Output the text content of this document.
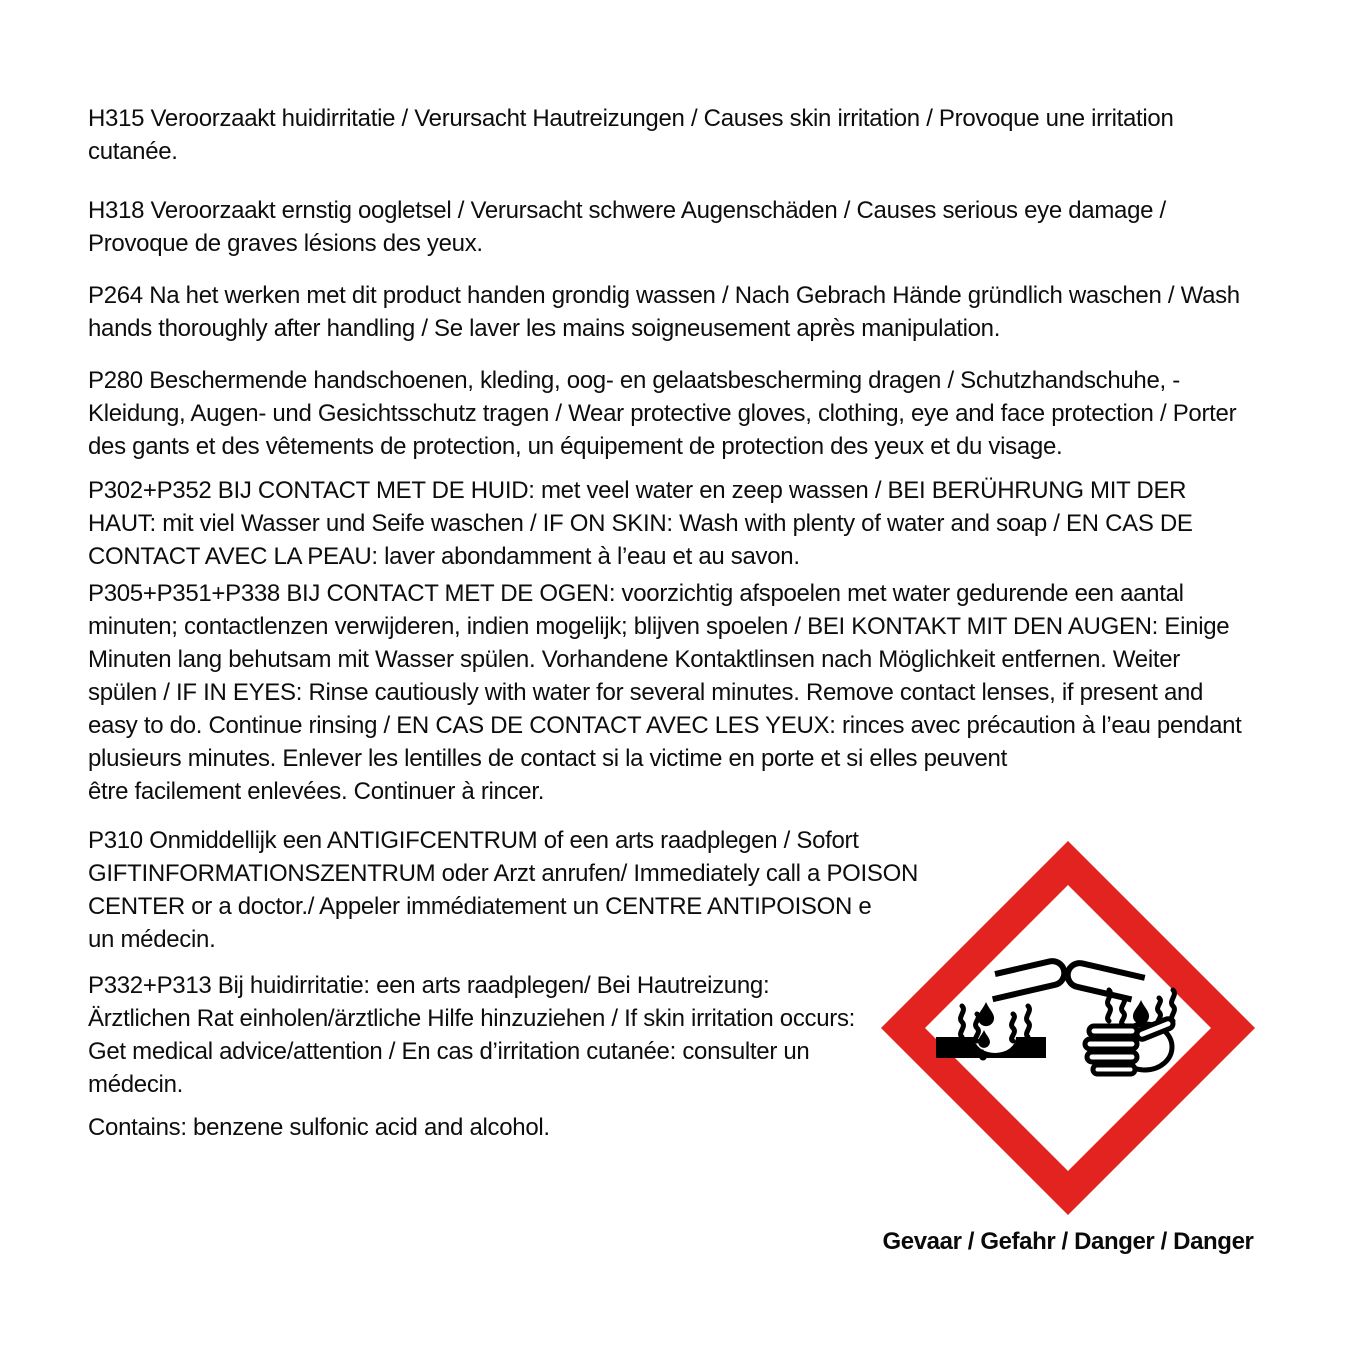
H315 Veroorzaakt huidirritatie / Verursacht Hautreizungen / Causes skin irritation / Provoque une irritation cutanée.

H318 Veroorzaakt ernstig oogletsel / Verursacht schwere Augenschäden / Causes serious eye damage / Provoque de graves lésions des yeux.

P264 Na het werken met dit product handen grondig wassen / Nach Gebrach Hände gründlich waschen / Wash hands thoroughly after handling / Se laver les mains soigneusement après manipulation.

P280 Beschermende handschoenen, kleding, oog- en gelaatsbescherming dragen / Schutzhandschuhe, -Kleidung, Augen- und Gesichtsschutz tragen / Wear protective gloves, clothing, eye and face protection / Porter des gants et des vêtements de protection, un équipement de protection des yeux et du visage.

P302+P352 BIJ CONTACT MET DE HUID: met veel water en zeep wassen / BEI BERÜHRUNG MIT DER HAUT: mit viel Wasser und Seife waschen / IF ON SKIN: Wash with plenty of water and soap / EN CAS DE CONTACT AVEC LA PEAU: laver abondamment à l’eau et au savon.

P305+P351+P338 BIJ CONTACT MET DE OGEN: voorzichtig afspoelen met water gedurende een aantal minuten; contactlenzen verwijderen, indien mogelijk; blijven spoelen / BEI KONTAKT MIT DEN AUGEN: Einige Minuten lang behutsam mit Wasser spülen. Vorhandene Kontaktlinsen nach Möglichkeit entfernen. Weiter spülen / IF IN EYES: Rinse cautiously with water for several minutes. Remove contact lenses, if present and easy to do. Continue rinsing / EN CAS DE CONTACT AVEC LES YEUX: rinces avec précaution à l’eau pendant plusieurs minutes. Enlever les lentilles de contact si la victime en porte et si elles peuvent être facilement enlevées. Continuer à rincer.

P310 Onmiddellijk een ANTIGIFCENTRUM of een arts raadplegen / Sofort GIFTINFORMATIONSZENTRUM oder Arzt anrufen/ Immediately call a POISON CENTER or a doctor./ Appeler immédiatement un CENTRE ANTIPOISON e un médecin.

P332+P313 Bij huidirritatie: een arts raadplegen/ Bei Hautreizung: Ärztlichen Rat einholen/ärztliche Hilfe hinzuziehen / If skin irritation occurs: Get medical advice/attention / En cas d’irritation cutanée: consulter un médecin.

Contains: benzene sulfonic acid and alcohol.

Gevaar / Gefahr / Danger / Danger
